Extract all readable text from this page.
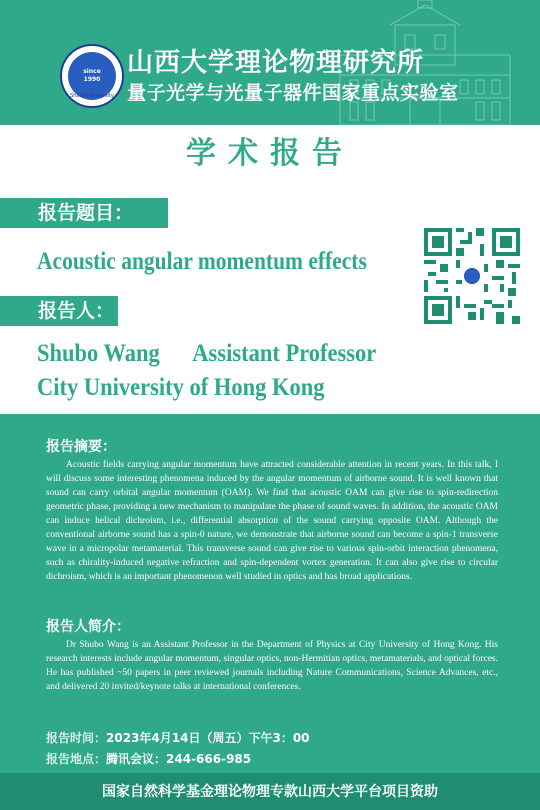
since
1990
Shanxi University
山西大学理论物理研究所
量子光学与光量子器件国家重点实验室
学术报告
报告题目：
Acoustic angular momentum effects
报告人：
Shubo Wang      Assistant Professor
City University of Hong Kong
报告摘要：
Acoustic fields carrying angular momentum have attracted considerable attention in recent years. In this talk, I will discuss some interesting phenomena induced by the angular momentum of airborne sound. It is well known that sound can carry orbital angular momentum (OAM). We find that acoustic OAM can give rise to spin-redirection geometric phase, providing a new mechanism to manipulate the phase of sound waves. In addition, the acoustic OAM can induce helical dichroism, i.e., differential absorption of the sound carrying opposite OAM. Although the conventional airborne sound has a spin-0 nature, we demonstrate that airborne sound can become a spin-1 transverse wave in a micropolar metamaterial. This transverse sound can give rise to various spin-orbit interaction phenomena, such as chirality-induced negative refraction and spin-dependent vortex generation. It can also give rise to circular dichroism, which is an important phenomenon well studied in optics and has broad applications.
报告人简介：
Dr Shubo Wang is an Assistant Professor in the Department of Physics at City University of Hong Kong. His research interests include angular momentum, singular optics, non-Hermitian optics, metamaterials, and optical forces. He has published ~50 papers in peer reviewed journals including Nature Communications, Science Advances, etc., and delivered 20 invited/keynote talks at international conferences.
报告时间：2023年4月14日（周五）下午3：00
报告地点：腾讯会议：244-666-985
国家自然科学基金理论物理专款山西大学平台项目资助
